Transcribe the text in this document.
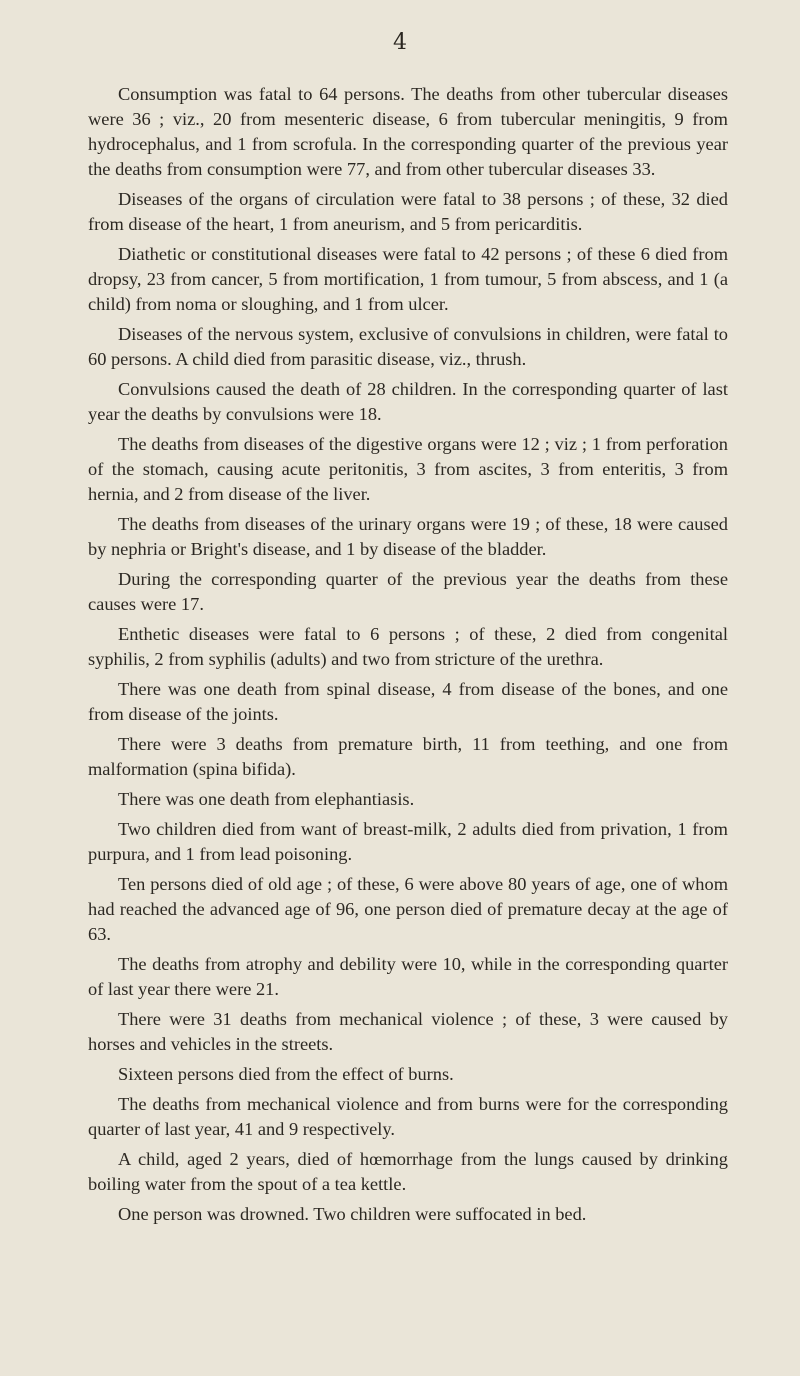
4

Consumption was fatal to 64 persons. The deaths from other tubercular diseases were 36 ; viz., 20 from mesenteric disease, 6 from tubercular meningitis, 9 from hydrocephalus, and 1 from scrofula. In the corresponding quarter of the previous year the deaths from consumption were 77, and from other tubercular diseases 33.

Diseases of the organs of circulation were fatal to 38 persons ; of these, 32 died from disease of the heart, 1 from aneurism, and 5 from pericarditis.

Diathetic or constitutional diseases were fatal to 42 persons ; of these 6 died from dropsy, 23 from cancer, 5 from mortification, 1 from tumour, 5 from abscess, and 1 (a child) from noma or sloughing, and 1 from ulcer.

Diseases of the nervous system, exclusive of convulsions in children, were fatal to 60 persons. A child died from parasitic disease, viz., thrush.

Convulsions caused the death of 28 children. In the corresponding quarter of last year the deaths by convulsions were 18.

The deaths from diseases of the digestive organs were 12 ; viz ; 1 from perforation of the stomach, causing acute peritonitis, 3 from ascites, 3 from enteritis, 3 from hernia, and 2 from disease of the liver.

The deaths from diseases of the urinary organs were 19 ; of these, 18 were caused by nephria or Bright's disease, and 1 by disease of the bladder.

During the corresponding quarter of the previous year the deaths from these causes were 17.

Enthetic diseases were fatal to 6 persons ; of these, 2 died from congenital syphilis, 2 from syphilis (adults) and two from stricture of the urethra.

There was one death from spinal disease, 4 from disease of the bones, and one from disease of the joints.

There were 3 deaths from premature birth, 11 from teething, and one from malformation (spina bifida).

There was one death from elephantiasis.

Two children died from want of breast-milk, 2 adults died from privation, 1 from purpura, and 1 from lead poisoning.

Ten persons died of old age ; of these, 6 were above 80 years of age, one of whom had reached the advanced age of 96, one person died of premature decay at the age of 63.

The deaths from atrophy and debility were 10, while in the corresponding quarter of last year there were 21.

There were 31 deaths from mechanical violence ; of these, 3 were caused by horses and vehicles in the streets.

Sixteen persons died from the effect of burns.

The deaths from mechanical violence and from burns were for the corresponding quarter of last year, 41 and 9 respectively.

A child, aged 2 years, died of hœmorrhage from the lungs caused by drinking boiling water from the spout of a tea kettle.

One person was drowned. Two children were suffocated in bed.
